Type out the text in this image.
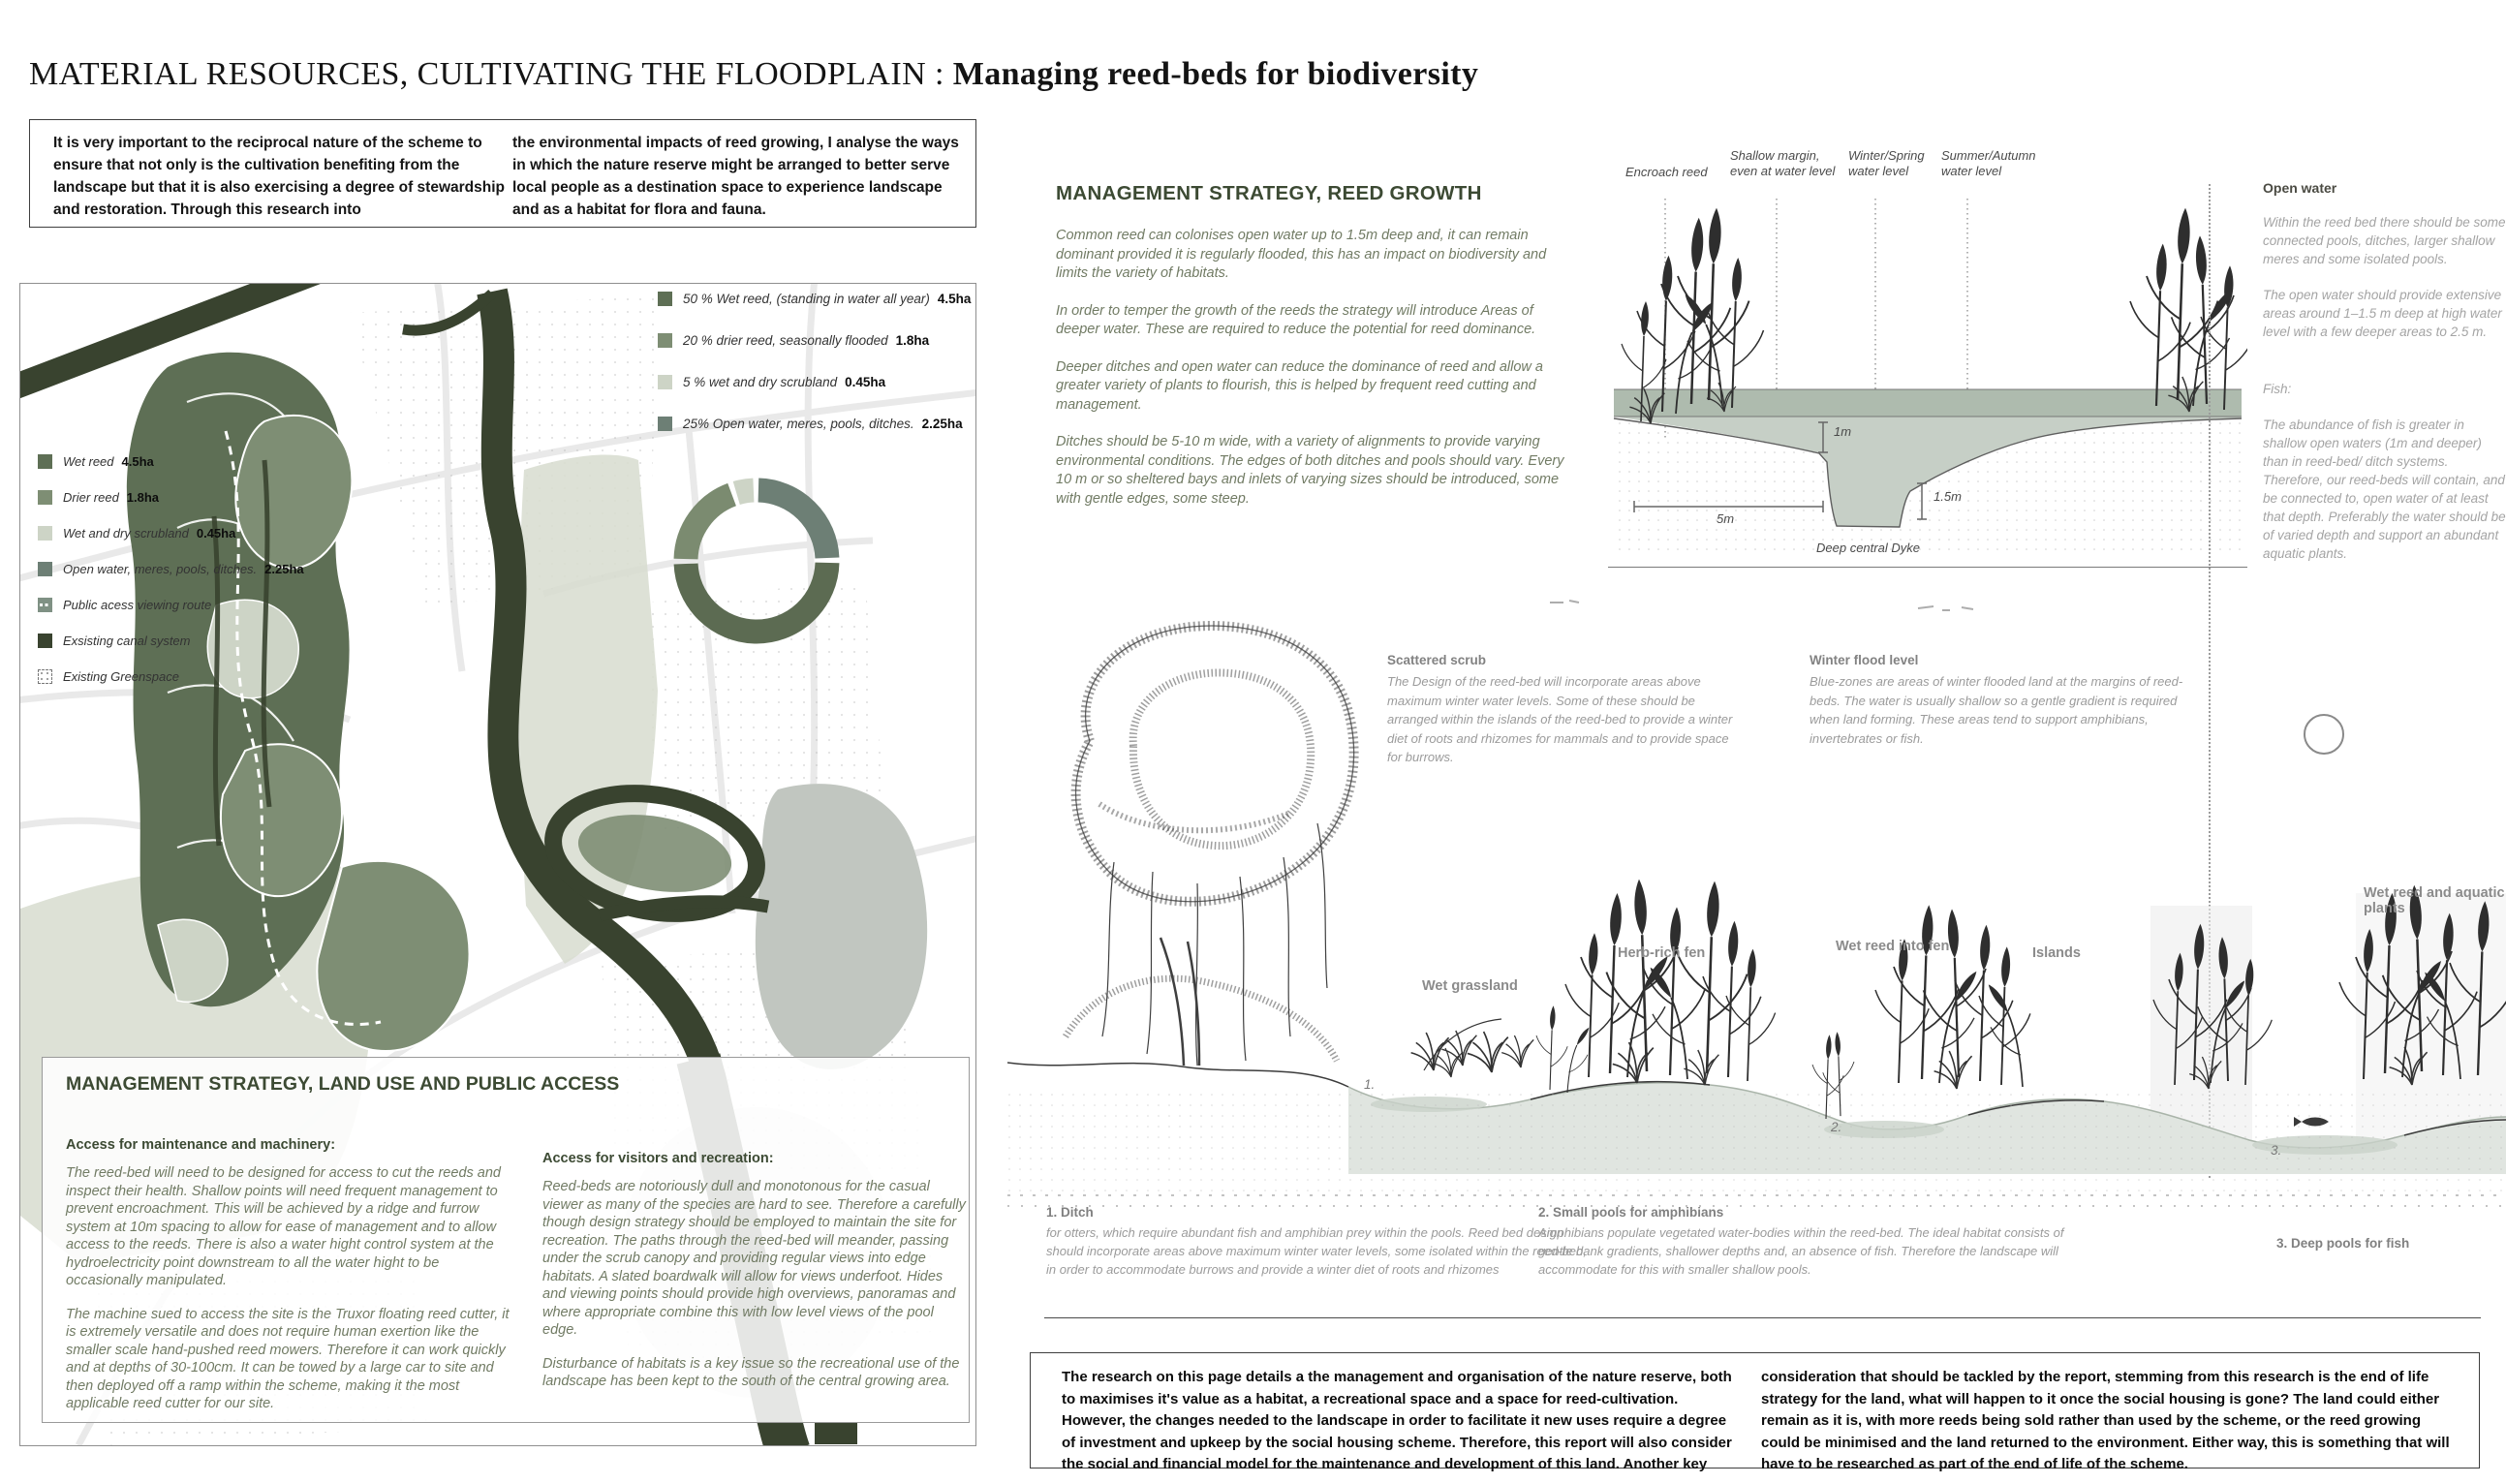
MATERIAL RESOURCES, CULTIVATING THE FLOODPLAIN : Managing reed-beds for biodiversity

It is very important to the reciprocal nature of the scheme to ensure that not only is the cultivation benefiting from the landscape but that it is also exercising a degree of stewardship and restoration. Through this research into

the environmental impacts of reed growing, I analyse the ways in which the nature reserve might be arranged to better serve local people as a destination space to experience landscape and as a habitat for flora and fauna.

Wet reed 4.5ha
Drier reed 1.8ha
Wet and dry scrubland 0.45ha
Open water, meres, pools, ditches. 2.25ha
Public acess viewing route
Exsisting canal system
Existing Greenspace
50 % Wet reed, (standing in water all year) 4.5ha
20 % drier reed, seasonally flooded 1.8ha
5 % wet and dry scrubland 0.45ha
25% Open water, meres, pools, ditches. 2.25ha
MANAGEMENT STRATEGY, LAND USE AND PUBLIC ACCESS

Access for maintenance and machinery:

The reed-bed will need to be designed for access to cut the reeds and inspect their health. Shallow points will need frequent management to prevent encroachment. This will be achieved by a ridge and furrow system at 10m spacing to allow for ease of management and to allow access to the reeds. There is also a water hight control system at the hydroelectricity point downstream to all the water hight to be occasionally manipulated.

The machine sued to access the site is the Truxor floating reed cutter, it is extremely versatile and does not require human exertion like the smaller scale hand-pushed reed mowers. Therefore it can work quickly and at depths of 30-100cm. It can be towed by a large car to site and then deployed off a ramp within the scheme, making it the most applicable reed cutter for our site.

Access for visitors and recreation:

Reed-beds are notoriously dull and monotonous for the casual viewer as many of the species are hard to see. Therefore a carefully though design strategy should be employed to maintain the site for recreation. The paths through the reed-bed will meander, passing under the scrub canopy and providing regular views into edge habitats. A slated boardwalk will allow for views underfoot. Hides and viewing points should provide high overviews, panoramas and where appropriate combine this with low level views of the pool edge.

Disturbance of habitats is a key issue so the recreational use of the landscape has been kept to the south of the central growing area.

MANAGEMENT STRATEGY, REED GROWTH

Common reed can colonises open water up to 1.5m deep and, it can remain dominant provided it is regularly flooded, this has an impact on biodiversity and limits the variety of habitats.

In order to temper the growth of the reeds the strategy will introduce Areas of deeper water. These are required to reduce the potential for reed dominance.

Deeper ditches and open water can reduce the dominance of reed and allow a greater variety of plants to flourish, this is helped by frequent reed cutting and management.

Ditches should be 5-10 m wide, with a variety of alignments to provide varying environmental conditions. The edges of both ditches and pools should vary. Every 10 m or so sheltered bays and inlets of varying sizes should be introduced, some with gentle edges, some steep.

Encroach reed
Shallow margin, even at water level
Winter/Spring water level
Summer/Autumn water level
1m
1.5m
5m
Deep central Dyke
Open water

Within the reed bed there should be some connected pools, ditches, larger shallow meres and some isolated pools.

The open water should provide extensive areas around 1–1.5 m deep at high water level with a few deeper areas to 2.5 m.

Fish:

The abundance of fish is greater in shallow open waters (1m and deeper) than in reed-bed/ ditch systems. Therefore, our reed-beds will contain, and be connected to, open water of at least that depth. Preferably the water should be of varied depth and support an abundant aquatic plants.

Scattered scrub

The Design of the reed-bed will incorporate areas above maximum winter water levels. Some of these should be arranged within the islands of the reed-bed to provide a winter diet of roots and rhizomes for mammals and to provide space for burrows.

Winter flood level

Blue-zones are areas of winter flooded land at the margins of reed-beds. The water is usually shallow so a gentle gradient is required when land forming. These areas tend to support amphibians, invertebrates or fish.

Wet grassland
Herb-rich fen	Wet reed into fen	Islands
Wet reed and aquatic plants
1.
2.
3.
1. Ditch

for otters, which require abundant fish and amphibian prey within the pools. Reed bed design should incorporate areas above maximum winter water levels, some isolated within the reed-bed, in order to accommodate burrows and provide a winter diet of roots and rhizomes

2. Small pools for amphibians

Amphibians populate vegetated water-bodies within the reed-bed. The ideal habitat consists of gentle bank gradients, shallower depths and, an absence of fish. Therefore the landscape will accommodate for this with smaller shallow pools.

3. Deep pools for fish

The research on this page details a the management and organisation of the nature reserve, both to maximises it's value as a habitat, a recreational space and a space for reed-cultivation. However, the changes needed to the landscape in order to facilitate it new uses require a degree of investment and upkeep by the social housing scheme. Therefore, this report will also consider the social and financial model for the maintenance and development of this land. Another key

consideration that should be tackled by the report, stemming from this research is the end of life strategy for the land, what will happen to it once the social housing is gone? The land could either remain as it is, with more reeds being sold rather than used by the scheme, or the reed growing could be minimised and the land returned to the environment. Either way, this is something that will have to be researched as part of the end of life of the scheme.
